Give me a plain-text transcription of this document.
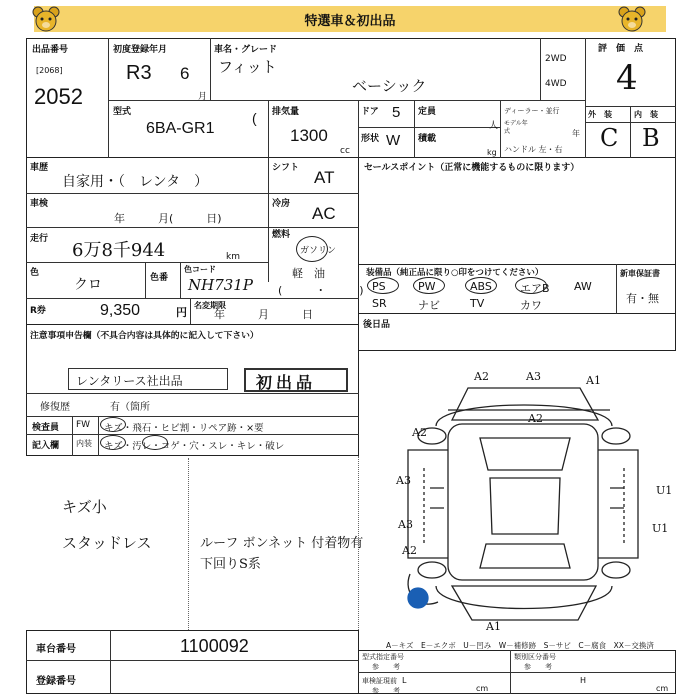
特選車＆初出品
出品番号
[2068]
2052
初度登録年月
R3 6
月
車名・グレード
フィット
ベーシック
2WD
4WD
評　価　点
4
型式
6BA-GR1
( 排気量
1300
cc
ドア 5
形状 W
定員
人
積載
kg
ディーラー・並行
モデル年式	年
ハンドル 左・右
外　装	内　装
C B
車歴
自家用・（　レンタ　）
シフト AT
車検
年　　　月(　　　日)
冷房 AC
走行
6万8千944	km
燃料
ガソリン
軽　油
(　　　・　　　)
色
クロ	色番
色コード
NH731P
R券	9,350	円
名変期限
年　　　月　　　日
セールスポイント（正常に機能するものに限ります）
装備品（純正品に限り○印をつけてください）
PS	PW	ABS	エアB AW
SR	ナビ	TV	カワ
新車保証書
有・無
後日品
注意事項申告欄（不具合内容は具体的に記入して下さい）
レンタリース社出品	初出品
修復歴	有（箇所
検査員
記入欄
FW
内装
キズ・飛石・ヒビ割・リペア跡・×要
キズ・汚レ・コゲ・穴・スレ・キレ・破レ
キズ小
スタッドレス	ルーフ ボンネット 付着物有
下回りS系
A2	A3	A1
A2
A2
A3
U1
A3	U1
A2
A1
A－キズ　E－エクボ　U－凹み　W－補修跡　S－サビ　C－腐食　XX－交換済
車台番号	1100092
登録番号
型式指定番号
参　　考
類別区分番号
参　　考
車検証現前
参　　考
L
cm
H
cm
